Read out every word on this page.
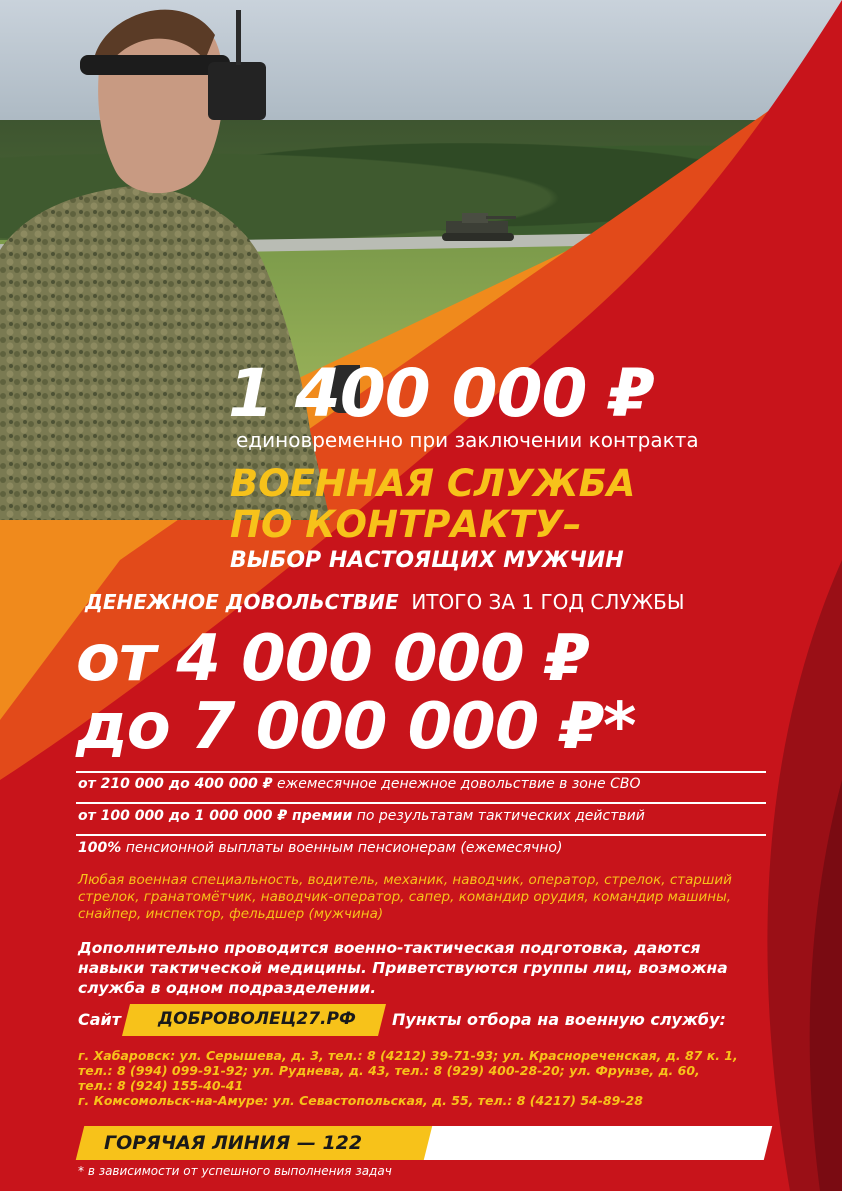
1 400 000 ₽
единовременно при заключении контракта
ВОЕННАЯ СЛУЖБА
ПО КОНТРАКТУ–
ВЫБОР НАСТОЯЩИХ МУЖЧИН
ДЕНЕЖНОЕ ДОВОЛЬСТВИЕ ИТОГО ЗА 1 ГОД СЛУЖБЫ
от 4 000 000 ₽
до 7 000 000 ₽*
от 210 000 до 400 000 ₽ ежемесячное денежное довольствие в зоне СВО
от 100 000 до 1 000 000 ₽ премии по результатам тактических действий
100% пенсионной выплаты военным пенсионерам (ежемесячно)
Любая военная специальность, водитель, механик, наводчик, оператор, стрелок, старший стрелок, гранатомётчик, наводчик-оператор, сапер, командир орудия, командир машины, снайпер, инспектор, фельдшер (мужчина)
Дополнительно проводится военно-тактическая подготовка, даются навыки тактической медицины. Приветствуются группы лиц, возможна служба в одном подразделении.
Сайт ДОБРОВОЛЕЦ27.РФ Пункты отбора на военную службу:
г. Хабаровск: ул. Серышева, д. 3, тел.: 8 (4212) 39-71-93; ул. Краснореченская, д. 87 к. 1,
тел.: 8 (994) 099-91-92; ул. Руднева, д. 43, тел.: 8 (929) 400-28-20; ул. Фрунзе, д. 60,
тел.: 8 (924) 155-40-41
г. Комсомольск-на-Амуре: ул. Севастопольская, д. 55, тел.: 8 (4217) 54-89-28
ГОРЯЧАЯ ЛИНИЯ — 122
* в зависимости от успешного выполнения задач
